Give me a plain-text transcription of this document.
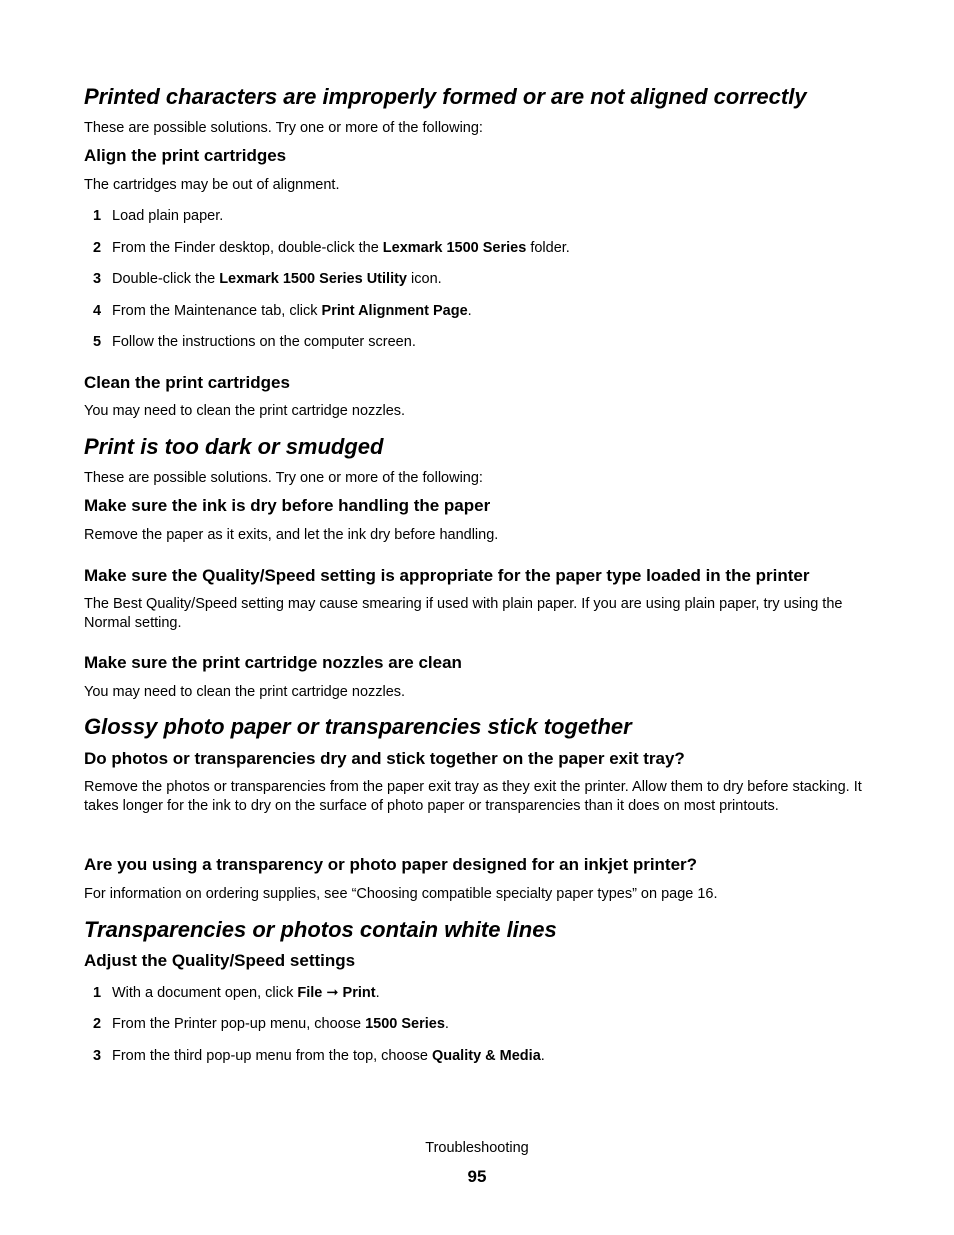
Printed characters are improperly formed or are not aligned correctly

These are possible solutions. Try one or more of the following:

Align the print cartridges

The cartridges may be out of alignment.

1 Load plain paper.
2 From the Finder desktop, double-click the Lexmark 1500 Series folder.
3 Double-click the Lexmark 1500 Series Utility icon.
4 From the Maintenance tab, click Print Alignment Page.
5 Follow the instructions on the computer screen.
Clean the print cartridges

You may need to clean the print cartridge nozzles.

Print is too dark or smudged

These are possible solutions. Try one or more of the following:

Make sure the ink is dry before handling the paper

Remove the paper as it exits, and let the ink dry before handling.

Make sure the Quality/Speed setting is appropriate for the paper type loaded in the printer

The Best Quality/Speed setting may cause smearing if used with plain paper. If you are using plain paper, try using the Normal setting.

Make sure the print cartridge nozzles are clean

You may need to clean the print cartridge nozzles.

Glossy photo paper or transparencies stick together
Do photos or transparencies dry and stick together on the paper exit tray?

Remove the photos or transparencies from the paper exit tray as they exit the printer. Allow them to dry before stacking. It takes longer for the ink to dry on the surface of photo paper or transparencies than it does on most printouts.

Are you using a transparency or photo paper designed for an inkjet printer?

For information on ordering supplies, see “Choosing compatible specialty paper types” on page 16.

Transparencies or photos contain white lines
Adjust the Quality/Speed settings
1 With a document open, click File ➞ Print.
2 From the Printer pop-up menu, choose 1500 Series.
3 From the third pop-up menu from the top, choose Quality & Media.

Troubleshooting

95
